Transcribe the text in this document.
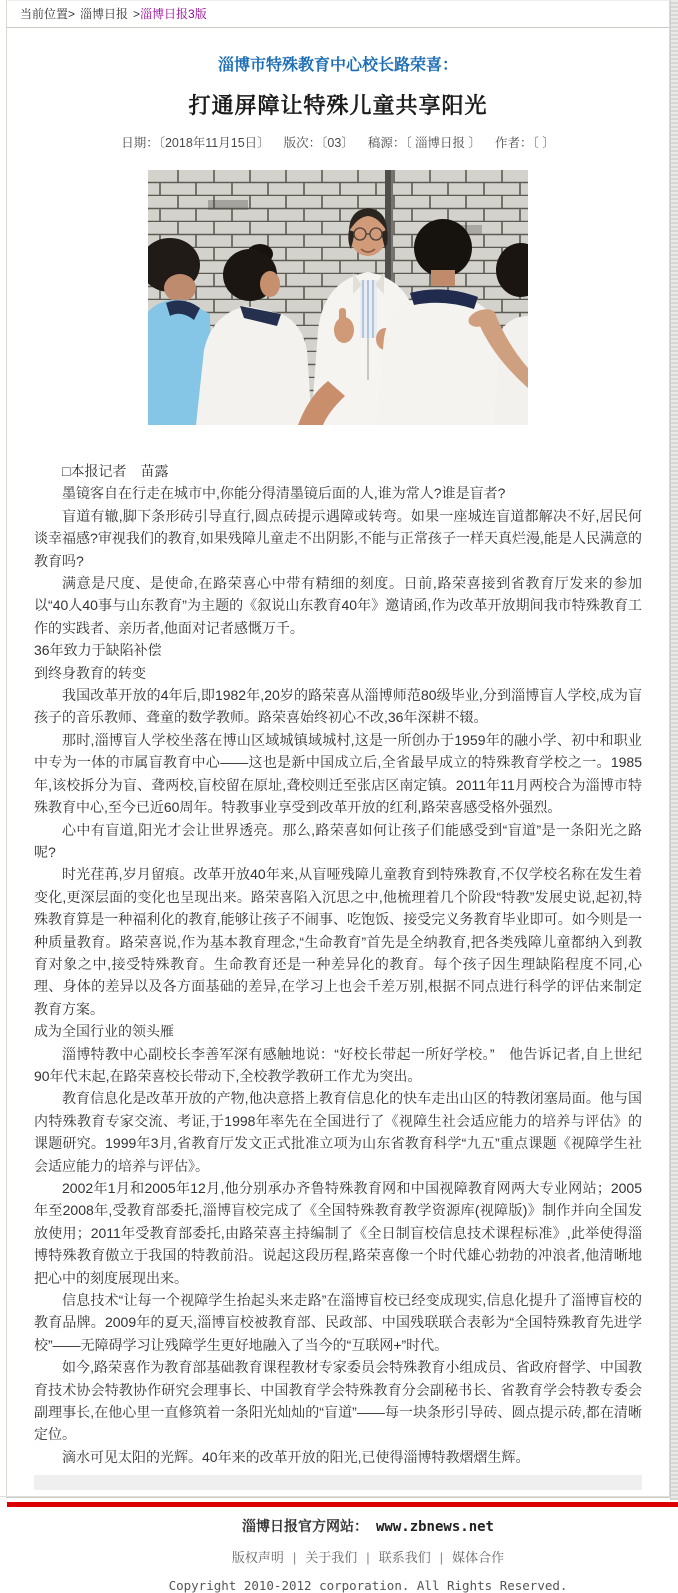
当前位置> 淄博日报 >淄博日报3版
淄博市特殊教育中心校长路荣喜：
打通屏障让特殊儿童共享阳光
日期：〔2018年11月15日〕 版次：〔03〕 稿源：〔 淄博日报 〕 作者：〔 〕
□本报记者　苗露
墨镜客自在行走在城市中,你能分得清墨镜后面的人,谁为常人?谁是盲者?
盲道有辙,脚下条形砖引导直行,圆点砖提示遇障或转弯。如果一座城连盲道都解决不好,居民何谈幸福感?审视我们的教育,如果残障儿童走不出阴影,不能与正常孩子一样天真烂漫,能是人民满意的教育吗?
满意是尺度、是使命,在路荣喜心中带有精细的刻度。日前,路荣喜接到省教育厅发来的参加以“40人40事与山东教育”为主题的《叙说山东教育40年》邀请函,作为改革开放期间我市特殊教育工作的实践者、亲历者,他面对记者感慨万千。
36年致力于缺陷补偿
到终身教育的转变
我国改革开放的4年后,即1982年,20岁的路荣喜从淄博师范80级毕业,分到淄博盲人学校,成为盲孩子的音乐教师、聋童的数学教师。路荣喜始终初心不改,36年深耕不辍。
那时,淄博盲人学校坐落在博山区域城镇域城村,这是一所创办于1959年的融小学、初中和职业中专为一体的市属盲教育中心——这也是新中国成立后,全省最早成立的特殊教育学校之一。1985年,该校拆分为盲、聋两校,盲校留在原址,聋校则迁至张店区南定镇。2011年11月两校合为淄博市特殊教育中心,至今已近60周年。特教事业享受到改革开放的红利,路荣喜感受格外强烈。
心中有盲道,阳光才会让世界透亮。那么,路荣喜如何让孩子们能感受到“盲道”是一条阳光之路呢?
时光荏苒,岁月留痕。改革开放40年来,从盲哑残障儿童教育到特殊教育,不仅学校名称在发生着变化,更深层面的变化也呈现出来。路荣喜陷入沉思之中,他梳理着几个阶段“特教”发展史说,起初,特殊教育算是一种福利化的教育,能够让孩子不闹事、吃饱饭、接受完义务教育毕业即可。如今则是一种质量教育。路荣喜说,作为基本教育理念,“生命教育”首先是全纳教育,把各类残障儿童都纳入到教育对象之中,接受特殊教育。生命教育还是一种差异化的教育。每个孩子因生理缺陷程度不同,心理、身体的差异以及各方面基础的差异,在学习上也会千差万别,根据不同点进行科学的评估来制定教育方案。
成为全国行业的领头雁
淄博特教中心副校长李善军深有感触地说：“好校长带起一所好学校。”　他告诉记者,自上世纪90年代末起,在路荣喜校长带动下,全校教学教研工作尤为突出。
教育信息化是改革开放的产物,他决意搭上教育信息化的快车走出山区的特教闭塞局面。他与国内特殊教育专家交流、考证,于1998年率先在全国进行了《视障生社会适应能力的培养与评估》的课题研究。1999年3月,省教育厅发文正式批准立项为山东省教育科学“九五”重点课题《视障学生社会适应能力的培养与评估》。
2002年1月和2005年12月,他分别承办齐鲁特殊教育网和中国视障教育网两大专业网站；2005年至2008年,受教育部委托,淄博盲校完成了《全国特殊教育教学资源库(视障版)》制作并向全国发放使用；2011年受教育部委托,由路荣喜主持编制了《全日制盲校信息技术课程标准》,此举使得淄博特殊教育傲立于我国的特教前沿。说起这段历程,路荣喜像一个时代雄心勃勃的冲浪者,他清晰地把心中的刻度展现出来。
信息技术“让每一个视障学生抬起头来走路”在淄博盲校已经变成现实,信息化提升了淄博盲校的教育品牌。2009年的夏天,淄博盲校被教育部、民政部、中国残联联合表彰为“全国特殊教育先进学校”——无障碍学习让残障学生更好地融入了当今的“互联网+”时代。
如今,路荣喜作为教育部基础教育课程教材专家委员会特殊教育小组成员、省政府督学、中国教育技术协会特教协作研究会理事长、中国教育学会特殊教育分会副秘书长、省教育学会特教专委会副理事长,在他心里一直修筑着一条阳光灿灿的“盲道”——每一块条形引导砖、圆点提示砖,都在清晰定位。
滴水可见太阳的光辉。40年来的改革开放的阳光,已使得淄博特教熠熠生辉。
淄博日报官方网站： www.zbnews.net
版权声明 | 关于我们 | 联系我们 | 媒体合作
Copyright 2010-2012 corporation. All Rights Reserved.
